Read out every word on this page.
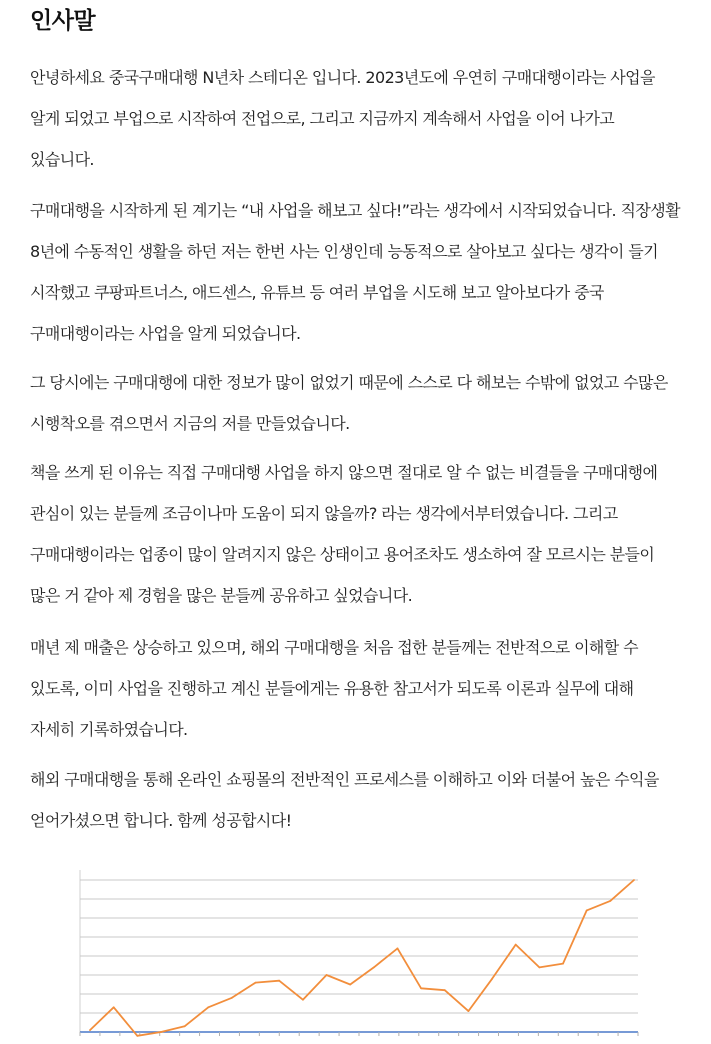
인사말

안녕하세요 중국구매대행 N년차 스테디온 입니다. 2023년도에 우연히 구매대행이라는 사업을 알게 되었고 부업으로 시작하여 전업으로, 그리고 지금까지 계속해서 사업을 이어 나가고 있습니다.

구매대행을 시작하게 된 계기는 “내 사업을 해보고 싶다!”라는 생각에서 시작되었습니다. 직장생활 8년에 수동적인 생활을 하던 저는 한번 사는 인생인데 능동적으로 살아보고 싶다는 생각이 들기 시작했고 쿠팡파트너스, 애드센스, 유튜브 등 여러 부업을 시도해 보고 알아보다가 중국 구매대행이라는 사업을 알게 되었습니다.

그 당시에는 구매대행에 대한 정보가 많이 없었기 때문에 스스로 다 해보는 수밖에 없었고 수많은 시행착오를 겪으면서 지금의 저를 만들었습니다.

책을 쓰게 된 이유는 직접 구매대행 사업을 하지 않으면 절대로 알 수 없는 비결들을 구매대행에 관심이 있는 분들께 조금이나마 도움이 되지 않을까? 라는 생각에서부터였습니다. 그리고 구매대행이라는 업종이 많이 알려지지 않은 상태이고 용어조차도 생소하여 잘 모르시는 분들이 많은 거 같아 제 경험을 많은 분들께 공유하고 싶었습니다.

매년 제 매출은 상승하고 있으며, 해외 구매대행을 처음 접한 분들께는 전반적으로 이해할 수 있도록, 이미 사업을 진행하고 계신 분들에게는 유용한 참고서가 되도록 이론과 실무에 대해 자세히 기록하였습니다.

해외 구매대행을 통해 온라인 쇼핑몰의 전반적인 프로세스를 이해하고 이와 더불어 높은 수익을 얻어가셨으면 합니다. 함께 성공합시다!
